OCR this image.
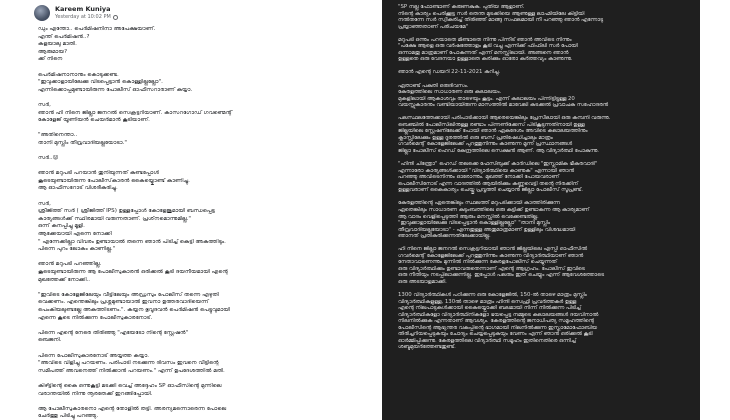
Kareem Kuniya
Yesterday at 10:02 PM
ഡും എന്തോ.. പെർമിഷനിനാ അപേക്ഷയാണ്.
എന്ത് പെർമിഷൻ..?
കളയാലു മാതി.
ആരുമായ?
ക്ക് നിനെ
പെർമിഷനാനാനും കൊടുക്കണ്ട.
"ഇവുക്കാളായിലേക്കു വിടപ്പെട്ടാൻ കൊള്ളില്ലല്ലോ".
എന്നിക്കൊപ്പമുണ്ടായിരുന്ന പോലീസ് ഓഫീസറാരാണ് കയ്യാ.
സർ,
ഞാൻ ഹി നിനെ ജില്ലാ ജനറൽ സെക്രട്ടറിയാണ്. കാസറഗോഡ് ഗവണ്മെന്റ്
കോളേജ് യൂണിയൻ ചെയർമാൻ കൂടിയാണ്.
"അതിനെന്താ..
താനി മുസ്ലിം തീവ്രവാദിയല്ലയോടാ."
സർ..😡
ഞാൻ മറുപടി പറയാൻ തുനിയുന്നത് കണ്ടപ്പോൾ
കൂടെയുണ്ടായിരുന്ന പോലീസ്‌കാരൻ കൈയ്യ്കൊണ്ട് കാണിച്ചു.
ആ ഓഫീസറോട് വിശദീകരിച്ചു.
സർ,
ശ്രീജിത്ത് സർ ( ശ്രീജിത്ത് IPS) ഉള്ളപ്പോൾ കോളേജുമായി ബന്ധപ്പെട്ട
കാര്യങ്ങൾക്ക് സ്ഥിരമായി വരുന്നതാണ്. പ്രശ്‌നമൊന്നുമില്ല."
ഒന്ന് കനപ്പിച്ചു മൂളി.
ആക്കേയായി എന്നെ നോക്കി
" എന്നേക്കില്ലാ വിവരം ഉണ്ടായാൽ തന്നെ ഞാൻ പിടിച്ച് കെട്ടി അകത്തിടും.
പിന്നെ പുറം ലോകം കാണില്ല."
ഞാൻ മറുപടി പറഞ്ഞില്ല.
കൂടെയുണ്ടായിരുന്ന ആ പോലീസുകാരൻ ഒരിക്കൽ കൂടി ദയനീയമായി എന്റെ
മുഖത്തേക്ക് നോക്കി..
"ഇവിടെ കോളേജിലേയും വീട്ടിലേയും അഡ്രസും പോലീസ് തന്നെ എഴുതി
വെക്കണം. എന്തെങ്കിലും പ്രശ്നമുണ്ടായാൽ ഇവനാ ഉത്തരവാദിയെന്ന്
പെംകിയലുണ്ടല്ലേ അകത്തിടണം.". കയ്യന ഭുവൂദവൻ പെർമിഷൻ പെട്ടുവുമായി
എന്നെ കൂടെ നിൽക്കുന്ന പോലീസുകാരനോട്.
പിന്നെ എന്റെ നേരെ തിരിഞ്ഞു "എയേടോ നിന്റെ സ്റ്റേഷൻ"
ബെജനി.
പിന്നെ പോലീസുകാരനോട് അയ്യത്ത കയ്യാ.
"അവിടെ വിളിച്ചു പറയണം. പരിപാടി നടക്കുന്ന ദിവസം ഇവനെ വീട്ടിന്റെ
സമീപത്ത് അവനെത്ത് നിൽക്കാൻ പറയണം." എന്ന് ഉപദേശത്തിൽ മതി.
കിഴ്ട്ടിന്റെ കൈ ഒന്നുകൂട്ടി മടക്കി വെച്ച് അദ്ദേഹം SP ഓഫീസിന്റെ മുന്നിലെ
വരാന്തയിൽ നിന്നു നൂരതേക്ക് ഇറങ്ങിപ്പോയി.
ആ പോലീസുകാരനൊ എന്റെ തോളിൽ തട്ടി. അരന്യമന്നൊരെന്ന പോലെ
ചേർത്തു പിടിച്ചു പറഞ്ഞു.
"SP നല്ല ഫോണ്ടാണ് കരുണകുക. പുതിയ ആളാണ്.
നിന്റെ കാര്യം പെരിക്കൂട്ട സർ തെന്ത മുടക്കിയെ ആണുള്ള ലാഹ്മിയിലേ കിട്ടിയി
നൽതന്നേ സർ സ്വീകരിച്ച് തിരിഞ്ഞ് മാങ്ങു സഫലമായി നീ പറഞ്ഞു ഞാൻ എന്നോടു
പ്രയ്യാഞ്ഞതാണ് പരിചയമേ"
മറുപടി ഒന്നും പറയാതെ മിണ്ടാതെ നിന്നു പിന്നീട് ഞാൻ അവിടെ നിന്നും
"പക്ഷേ ആളെ ഒരു വർഷത്തോളം കൂടി വച്ചു എന്നിക്ക് ഫിഫ്‌ലി സർ പോയി
ഒന്നാമതു മാത്രമാണ് പോകുന്നത് എന്ന് മനസ്സിലായി. അങ്ങനെ ഞാൻ
ഉള്ളതെ ഒരു വേദനയാ ഉള്ളാതെ കരിക്കും ഓരോ കർത്തവ്യം കാണുന്നു.
ഞാൻ എന്റെ ഡയറി 22-11-2021 കുറിച്ചു.
ഏതാണ്ട് പകുതി ഒരുദിവസം.
കേരളത്തിലെ സാധാരണ ഒരു കലാലയം.
മുകളിലായി ആകാശവും താഴെയും കൂട്ടം. എന്ന് കലാലയം പിന്നിട്ടിട്ടുള്ള 20
വയസ്സുകാരനും വണ്ടിയായിരുന്ന മാസത്തിൽ മാവേലി കടക്കൽ പ്രവാചക സഹോദരൻ
പലസ്ഥലത്തേക്കായി പരിപാടിക്കായി ആരെയെങ്കിലും പ്രേസീലായി ഒരു കമ്പനി വരുന്നു.
ബെഞ്ചിൽ പോലീസിലിനുള്ള രണ്ടാം പിന്നണിക്കേസ് പിടികൂടുന്നതിനായി ഉള്ള
ജില്ലയിലെ സ്റ്റേഷനിലേക്ക് പോയി ഞാൻ ഏകദേശം അവിടെ കലാലയത്തിനും
ക്ലാസ്സിലേക്കും ഉള്ള ദൂരത്തിൽ ഒരു ബസ് പ്രതിഷേധിച്ചാലും മാത്രം
ഗവർമെന്റ് കോളേജിലേക്ക് പുറത്തുനിന്നും കാണുന്ന മൂന്ന് പ്രസ്ഥാനങ്ങൾ
ജില്ലാ പോലീസ് ഹെഡ് കേന്ദ്രത്തിലെ സെക്ഷൻ ആണ്. ആ വിദ്യാർത്ഥി പോകുന്നു.
"ഹിന്ദി ചിന്ത്രോ" ഹെഡ് തലക്കെ ഫേസ്ബുക്ക് കാർഡിലെ "ഇസ്ലാമിക ഭീകരവാദി"
എന്നാരോ കാര്യങ്ങൾക്കായി "വിദ്യാർത്ഥിയെ കാണുക" എന്നായി ഞാൻ
പറഞ്ഞു അവിടെനിന്നും ഓരോന്നും. മുഖത്ത് നോക്കി പോയവരാണ്
പൊലീസിനോട് എന്ന വാദത്തിൽ ആയിരിക്കും കണ്ണുവെട്ടി തന്റെ നിരക്കിന്
ഉള്ളവരാണ് കൈകാര്യം ചെയ്തു പ്രവൃത്തി ചെയ്യാൻ ജില്ലാ പോലീസ് സൂപ്രണ്ട്.
കേരളത്തിന്റെ ഏതെങ്കിലും സ്ഥലത്ത് മറുപടിക്കായി കാത്തിരിക്കുന്ന
ഏതെങ്കിലും സാധാരണ കുടുംബത്തിലെ ഒരു കുട്ടിക്ക് ഉണ്ടാകുന്ന ആ കാര്യമാണ്
ആ വാദം വെളിപ്പെടുത്തി ആരും മനസ്സിൽ വെക്കേണ്ടതില്ല.
"ഇവുക്കാളായിലേക്കു വിടപ്പെട്ടാൻ കൊള്ളില്ലല്ലോ" "താനി മുസ്ലിം
തീവ്രവാദിയല്ലയോടാ" - എന്നതുള്ള അതുമാത്രമാണ് ഉള്ളിലും വിശദ്ധമായി
ഞാനത് പ്രതികരിക്കുന്നതിലേക്കായില്ല.
ഹി നിനെ ജില്ലാ ജനറൽ സെക്രട്ടറിയായി ഞാൻ ജില്ലയിലെ എസ്പി ഓഫീസിൽ
ഗവർമെന്റ് കോളേജിലേക്ക് പുറത്തുനിന്നും കാണുന്ന വിദ്യാർത്ഥിയാണ് ഞാൻ
നേതാവാണെന്നും മുന്നിൽ നിൽക്കുന്ന കേരളപോലീസ് ചെയ്യുന്നത്
ഒരു വിദ്യാർത്ഥിക്കും ഉണ്ടാവരുതെന്നാണ് എന്റെ ആഗ്രഹം. പോലീസ് ഇവിടെ
ഒരു നീതിയും നടപ്പിലാക്കുന്നില്ല. ഇപ്പോൾ പലരും ഇത് ചെയ്യും എന്ന് ആവേശത്തോടെ
ഒരു അടയാളമാക്കി.
1300 വിദ്യാർത്ഥികൾ പഠിക്കുന്ന ഒരു കോളേജിൽ, 150-ൽ താഴെ മാത്രം മുസ്ലിം
വിദ്യാർത്ഥികളുള്ള, 130ൽ താഴെ മാത്രം ഹിന്ദി സെഫ്രി പ്രവർത്തകർ ഉള്ള
എന്റെ നിലപാടുകൾക്കായി കൈയ്യ്പൊക്കി ബലമായി നിന്ന് നിൽക്കുന്ന പിടിച്ച്
വിദ്യാർത്ഥികളോ വിദ്യാർത്ഥിനികളോ ഭയപ്പെട്ട നമ്മുടെ കലാലയങ്ങൾ ദയവിനാൽ
നിലനിൽക്കുക എന്നതാണ് ആവശ്യം. കേരളത്തിന്റെ ജനാധിപത്യ സമൂഹത്തിന്റെ
പോലീസിന്റെ ആഭ്യന്തര വകുപ്പിന്റെ ഭാഗമായി നിലനിൽക്കുന്ന ഇസ്ലാമോഫോബിയ
തിരിച്ചറിയപ്പെടുകയും ചോദ്യം ചെയ്യപ്പെടുകയും വേണം എന്ന് ഞാൻ ഒരിക്കൽ കൂടി
ഓർമ്മിപ്പിക്കുന്നു. കേരളത്തിലെ വിദ്യാർത്ഥി സമൂഹം ഇതിനെതിരെ ഒന്നിച്ച്
ശബ്ദമുയർത്തേണ്ടതുണ്ട്.
